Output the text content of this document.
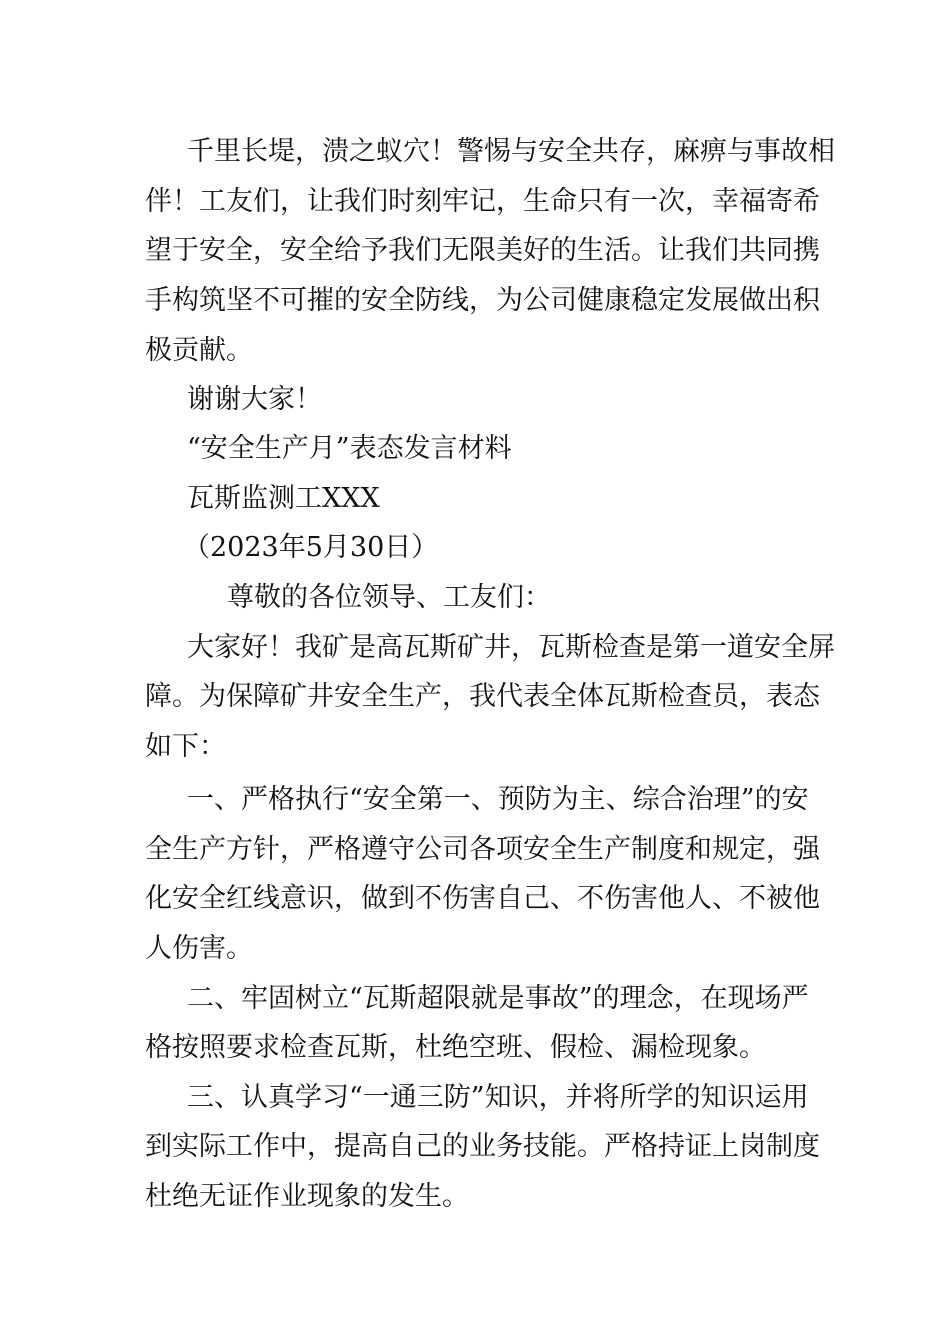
千里长堤，溃之蚁穴！警惕与安全共存，麻痹与事故相
伴！工友们，让我们时刻牢记，生命只有一次，幸福寄希
望于安全，安全给予我们无限美好的生活。让我们共同携
手构筑坚不可摧的安全防线，为公司健康稳定发展做出积
极贡献。
谢谢大家！
“安全生产月”表态发言材料
瓦斯监测工XXX
（2023年5月30日）
尊敬的各位领导、工友们：
大家好！我矿是高瓦斯矿井，瓦斯检查是第一道安全屏
障。为保障矿井安全生产，我代表全体瓦斯检查员，表态
如下：
一、严格执行“安全第一、预防为主、综合治理”的安
全生产方针，严格遵守公司各项安全生产制度和规定，强
化安全红线意识，做到不伤害自己、不伤害他人、不被他
人伤害。
二、牢固树立“瓦斯超限就是事故”的理念，在现场严
格按照要求检查瓦斯，杜绝空班、假检、漏检现象。
三、认真学习“一通三防”知识，并将所学的知识运用
到实际工作中，提高自己的业务技能。严格持证上岗制度
杜绝无证作业现象的发生。
